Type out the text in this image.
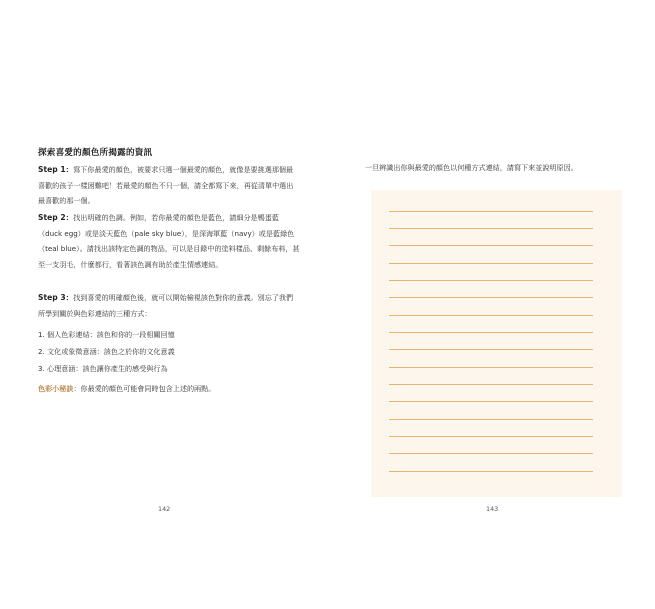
探索喜愛的顏色所揭露的資訊
Step 1：寫下你最愛的顏色，被要求只選一個最愛的顏色，就像是要挑選那個最喜歡的孩子一樣困難吧！若最愛的顏色不只一個，請全都寫下來，再從清單中選出最喜歡的那一個。
Step 2：找出明確的色調。例如，若你最愛的顏色是藍色，請細分是鴨蛋藍（duck egg）或是淡天藍色（pale sky blue），是深海軍藍（navy）或是藍綠色（teal blue）。請找出該特定色調的物品，可以是目錄中的塗料樣品、剩餘布料，甚至一支羽毛，什麼都行，看著該色調有助於產生情感連結。
Step 3：找到喜愛的明確顏色後，就可以開始檢視該色對你的意義。別忘了我們所學到關於與色彩連結的三種方式：
1. 個人色彩連結：該色和你的一段相關回憶
2. 文化或象徵意涵：該色之於你的文化意義
3. 心理意涵：該色讓你產生的感受與行為
色彩小秘訣：你最愛的顏色可能會同時包含上述的兩點。
142
一旦辨識出你與最愛的顏色以何種方式連結，請寫下來並說明原因。
143
